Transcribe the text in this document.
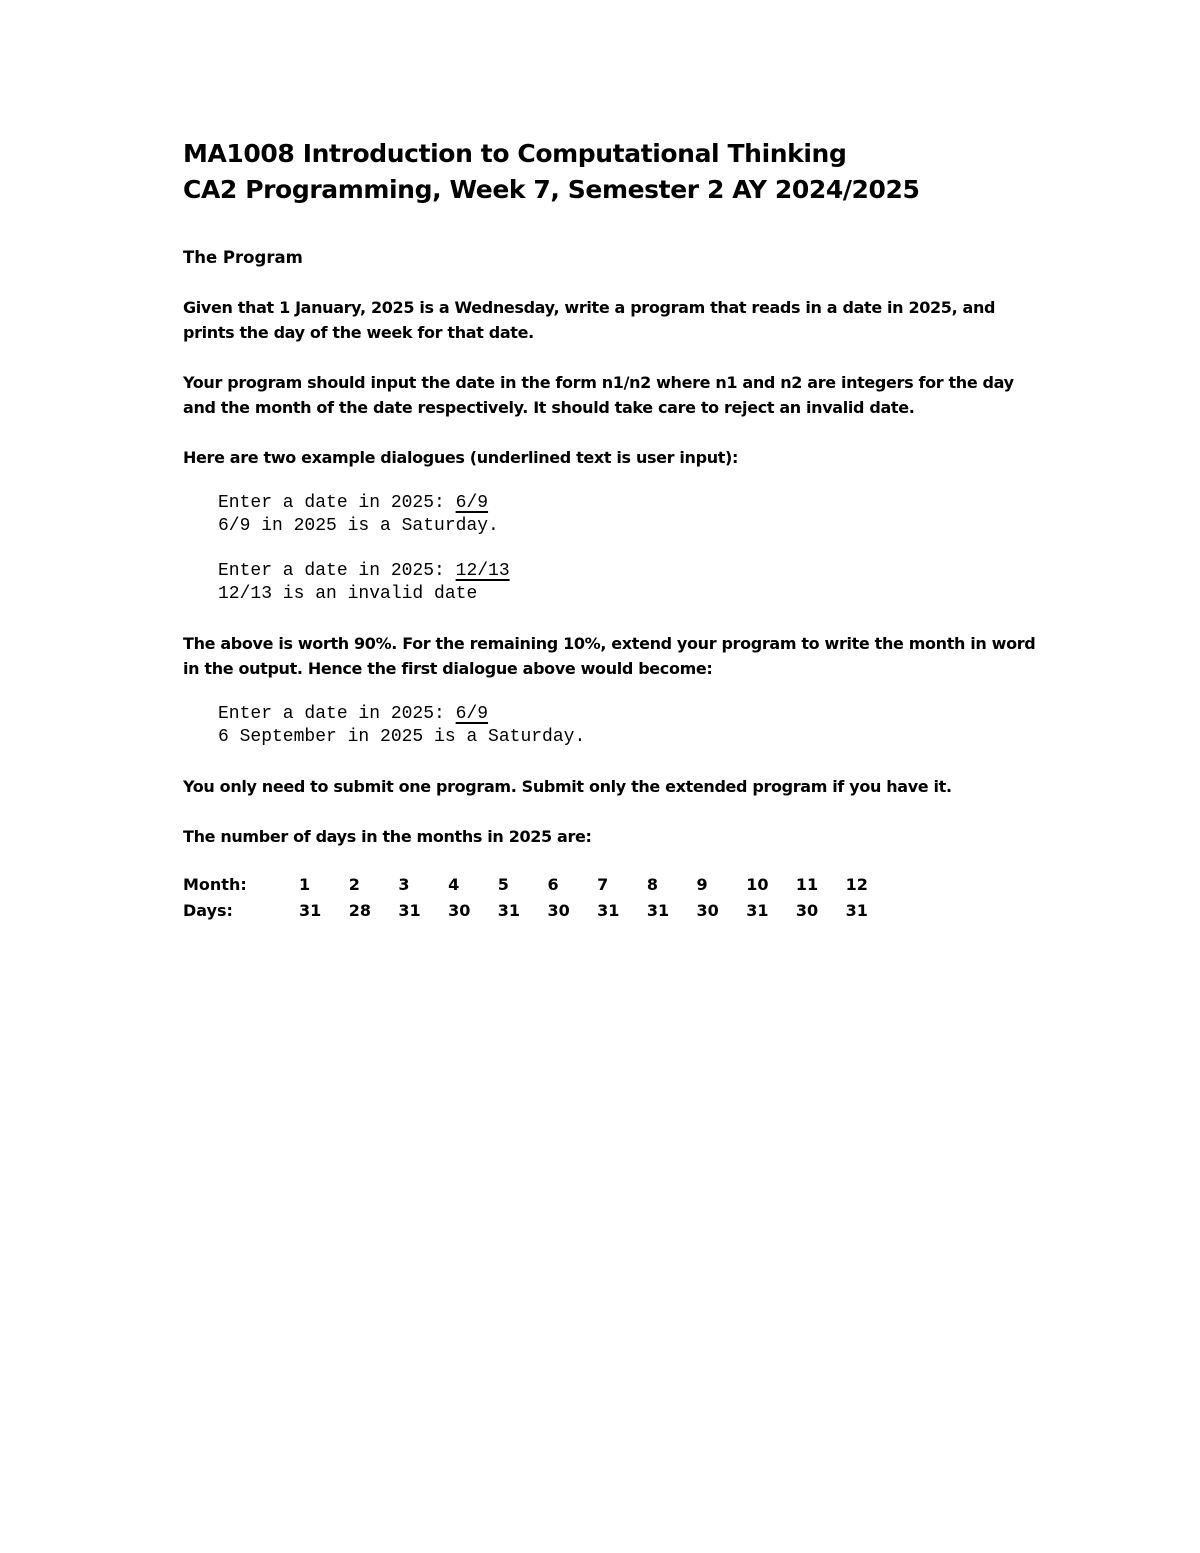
MA1008 Introduction to Computational Thinking
CA2 Programming, Week 7, Semester 2 AY 2024/2025
The Program

Given that 1 January, 2025 is a Wednesday, write a program that reads in a date in 2025, and prints the day of the week for that date.

Your program should input the date in the form n1/n2 where n1 and n2 are integers for the day and the month of the date respectively. It should take care to reject an invalid date.

Here are two example dialogues (underlined text is user input):

Enter a date in 2025: 6/9
6/9 in 2025 is a Saturday.
Enter a date in 2025: 12/13
12/13 is an invalid date

The above is worth 90%. For the remaining 10%, extend your program to write the month in word in the output. Hence the first dialogue above would become:

Enter a date in 2025: 6/9
6 September in 2025 is a Saturday.

You only need to submit one program. Submit only the extended program if you have it.

The number of days in the months in 2025 are:

Month:	1	2	3	4	5	6	7	8	9	10	11	12
Days:	31	28	31	30	31	30	31	31	30	31	30	31
